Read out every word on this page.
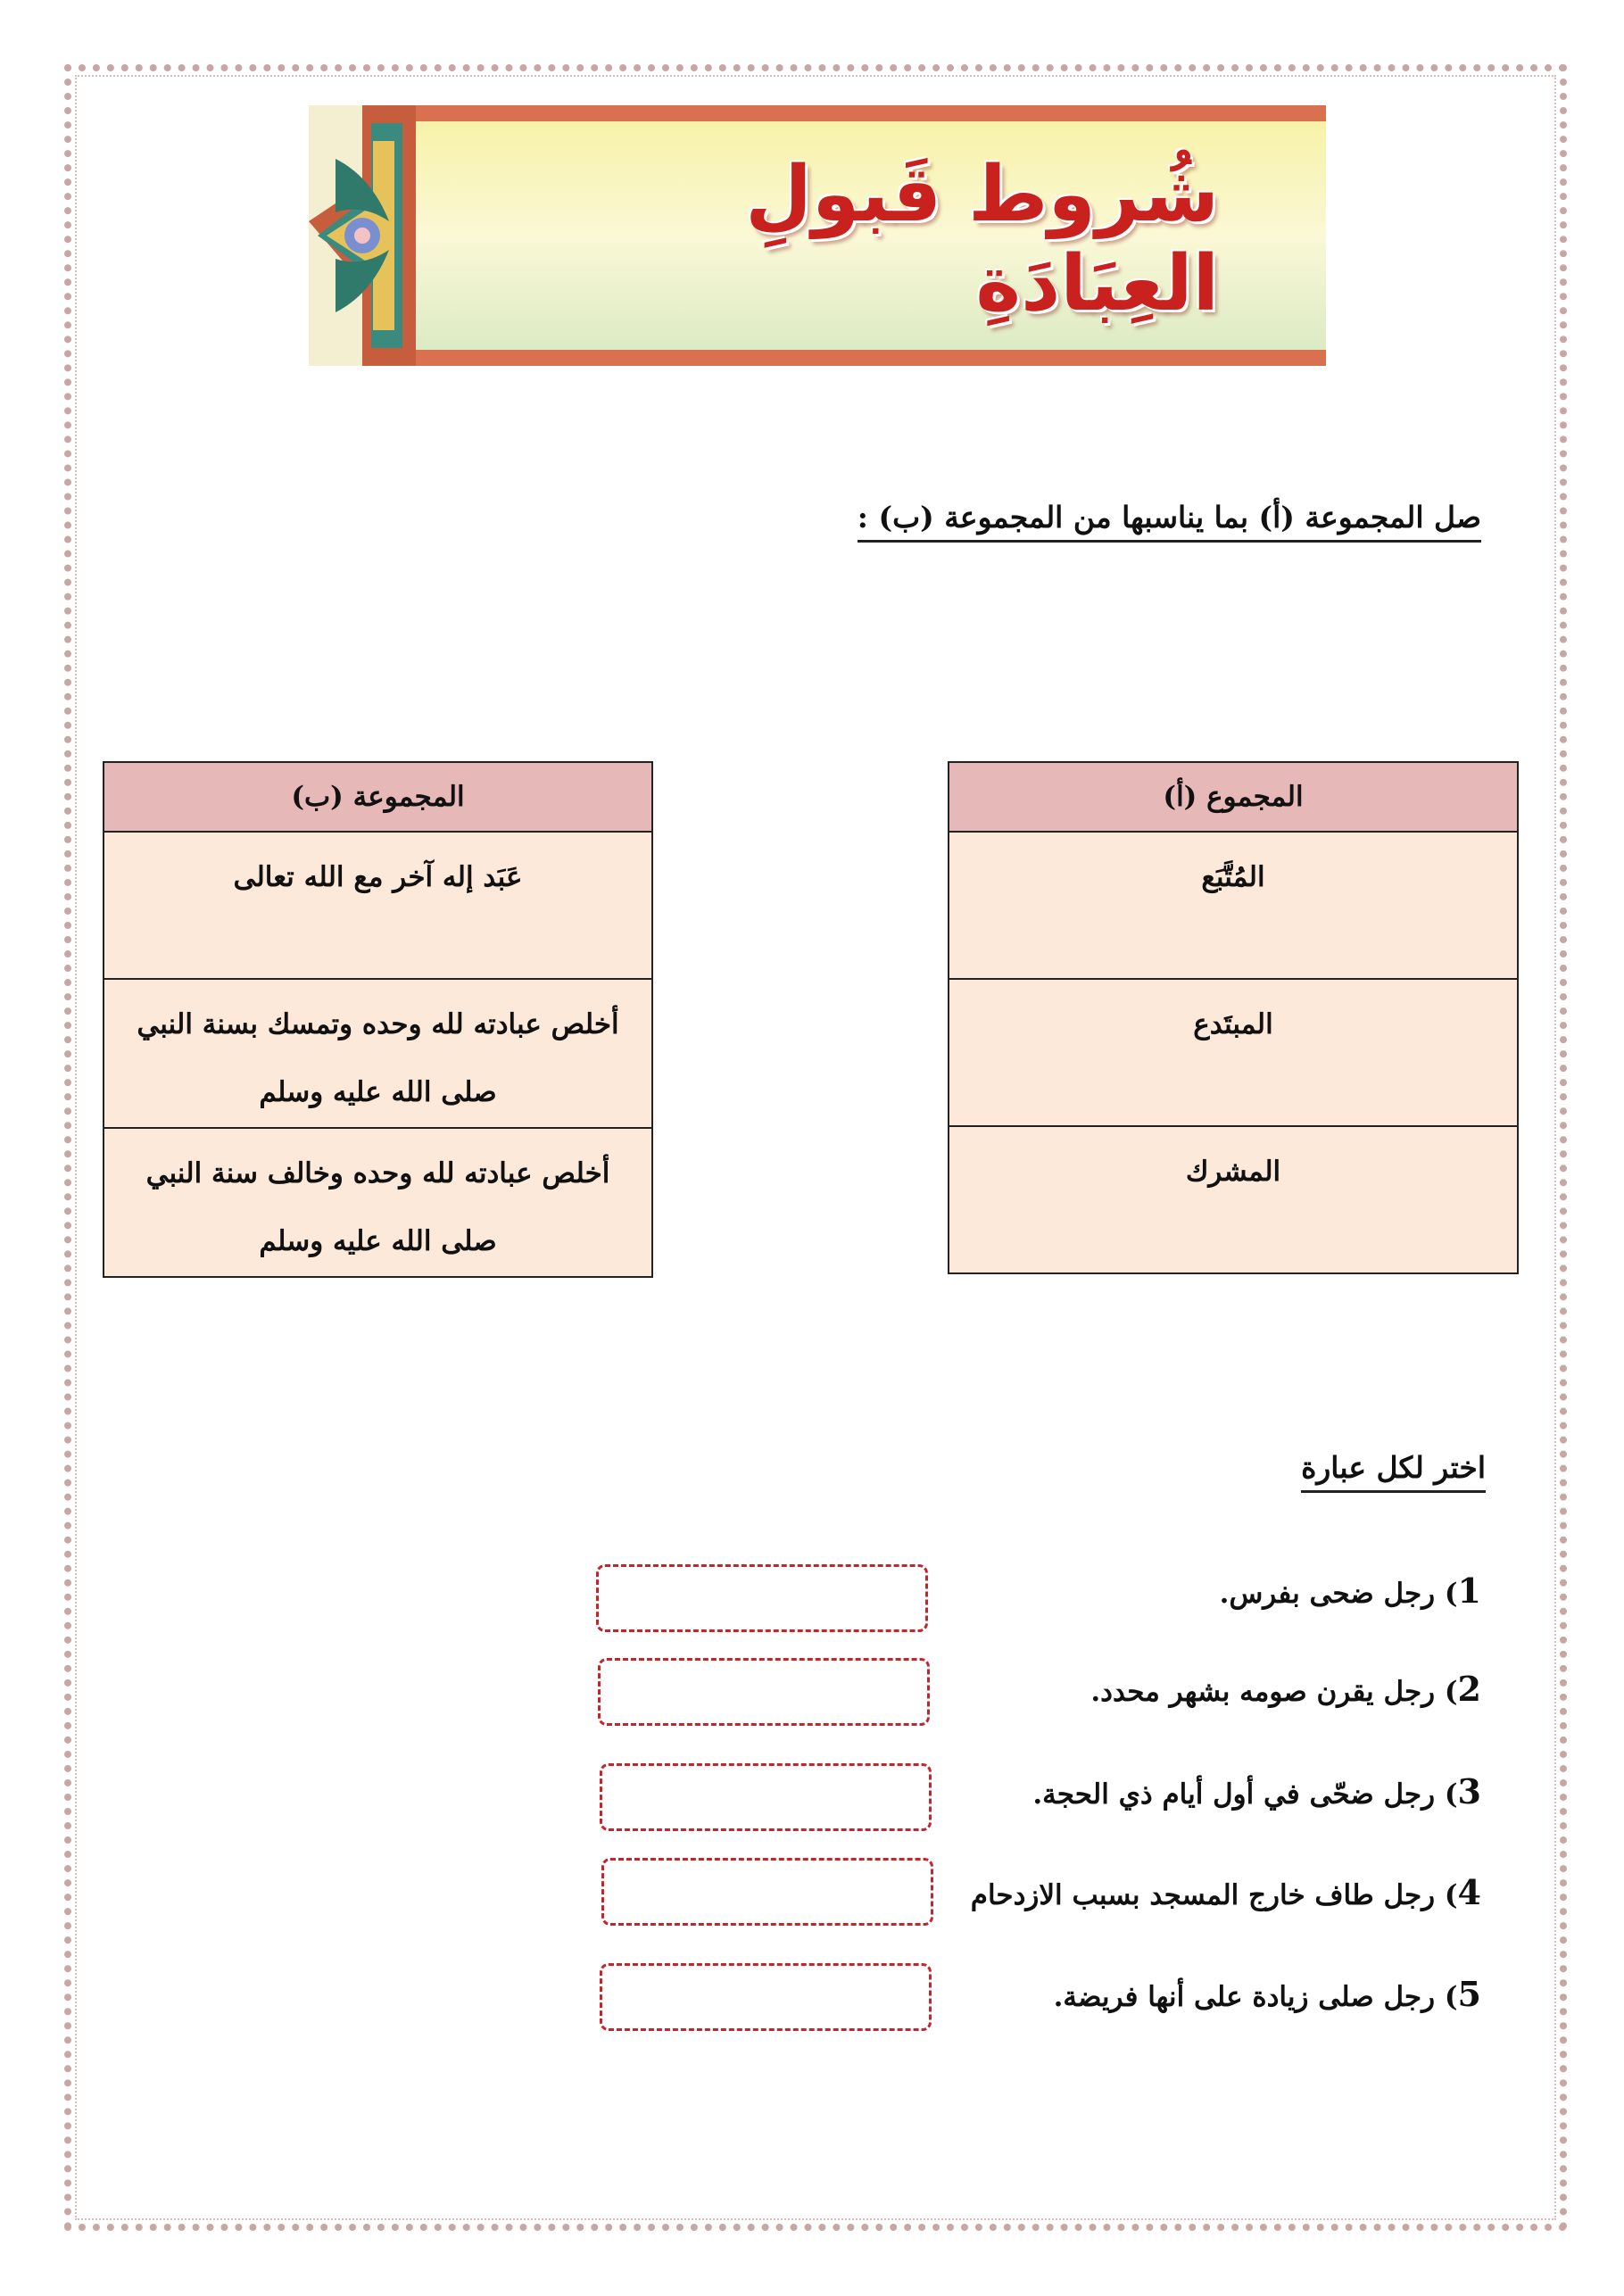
شُروط قَبولِ العِبَادَةِ
صل المجموعة (أ) بما يناسبها من المجموعة (ب) :
المجموع (أ)
المُتَّبَع
المبتَدع
المشرك
المجموعة (ب)

عَبَد إله آخر مع الله تعالى

أخلص عبادته لله وحده وتمسك بسنة النبي
صلى الله عليه وسلم

أخلص عبادته لله وحده وخالف سنة النبي
صلى الله عليه وسلم
اختر لكل عبارة
1) رجل ضحى بفرس.
2) رجل يقرن صومه بشهر محدد.
3) رجل ضحّى في أول أيام ذي الحجة.
4) رجل طاف خارج المسجد بسبب الازدحام
5) رجل صلى زيادة على أنها فريضة.
